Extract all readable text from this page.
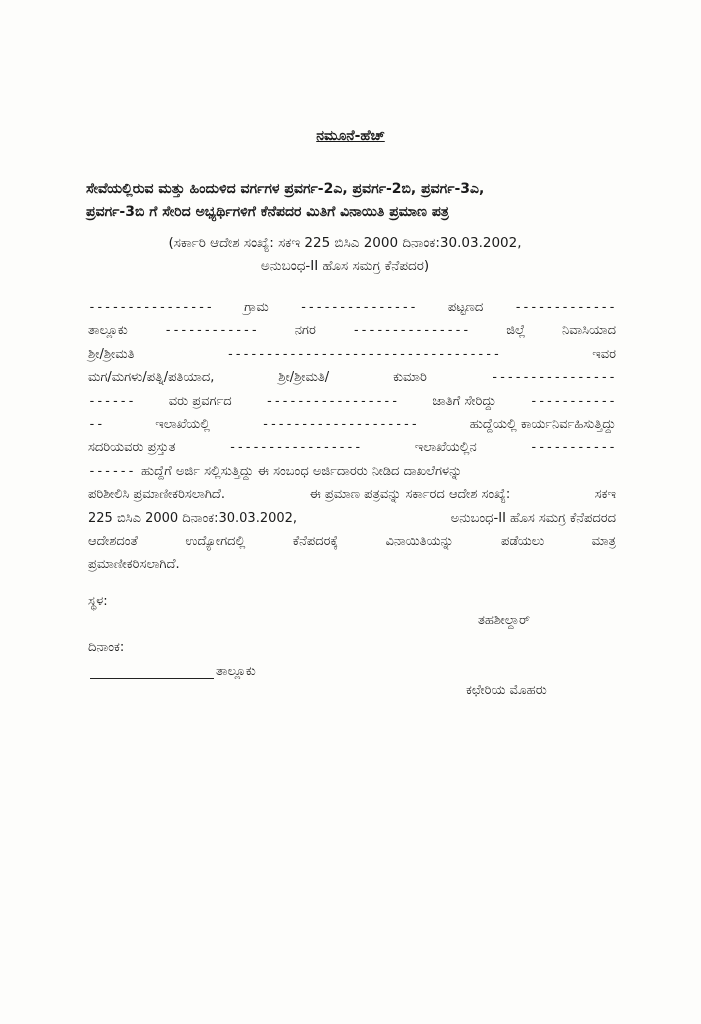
ನಮೂನೆ-ಹೆಚ್
ಸೇವೆಯಲ್ಲಿರುವ ಮತ್ತು ಹಿಂದುಳಿದ ವರ್ಗಗಳ ಪ್ರವರ್ಗ-2ಎ, ಪ್ರವರ್ಗ-2ಬಿ, ಪ್ರವರ್ಗ-3ಎ,
ಪ್ರವರ್ಗ-3ಬಿ ಗೆ ಸೇರಿದ ಅಭ್ಯರ್ಥಿಗಳಿಗೆ ಕೆನೆಪದರ ಮಿತಿಗೆ ವಿನಾಯಿತಿ ಪ್ರಮಾಣ ಪತ್ರ
(ಸರ್ಕಾರಿ ಆದೇಶ ಸಂಖ್ಯೆ: ಸಕಇ 225 ಬಿಸಿಎ 2000 ದಿನಾಂಕ:30.03.2002,
ಅನುಬಂಧ-II ಹೊಸ ಸಮಗ್ರ ಕೆನೆಪದರ)
---------------- ಗ್ರಾಮ --------------- ಪಟ್ಟಣದ -------------
ತಾಲ್ಲೂಕು	------------	ನಗರ	---------------	ಜಿಲ್ಲೆ	ನಿವಾಸಿಯಾದ
ಶ್ರೀ/ಶ್ರೀಮತಿ	-----------------------------------	ಇವರ
ಮಗ/ಮಗಳು/ಪತ್ನಿ/ಪತಿಯಾದ,	ಶ್ರೀ/ಶ್ರೀಮತಿ/	ಕುಮಾರಿ	----------------
------	ವರು ಪ್ರವರ್ಗದ	-----------------	ಜಾತಿಗೆ ಸೇರಿದ್ದು	-----------
--	ಇಲಾಖೆಯಲ್ಲಿ	--------------------	ಹುದ್ದೆಯಲ್ಲಿ ಕಾರ್ಯನಿರ್ವಹಿಸುತ್ತಿದ್ದು
ಸದರಿಯವರು ಪ್ರಸ್ತುತ	-----------------	ಇಲಾಖೆಯಲ್ಲಿನ	-----------
------ ಹುದ್ದೆಗೆ ಅರ್ಜಿ ಸಲ್ಲಿಸುತ್ತಿದ್ದು ಈ ಸಂಬಂಧ ಅರ್ಜಿದಾರರು ನೀಡಿದ ದಾಖಲೆಗಳನ್ನು
ಪರಿಶೀಲಿಸಿ ಪ್ರಮಾಣೀಕರಿಸಲಾಗಿದೆ.	ಈ ಪ್ರಮಾಣ ಪತ್ರವನ್ನು ಸರ್ಕಾರದ ಆದೇಶ ಸಂಖ್ಯೆ:	ಸಕಇ
225 ಬಿಸಿಎ 2000 ದಿನಾಂಕ:30.03.2002,	ಅನುಬಂಧ-II ಹೊಸ ಸಮಗ್ರ ಕೆನೆಪದರದ
ಆದೇಶದಂತೆ	ಉದ್ಯೋಗದಲ್ಲಿ	ಕೆನೆಪದರಕ್ಕೆ	ವಿನಾಯಿತಿಯನ್ನು	ಪಡೆಯಲು	ಮಾತ್ರ
ಪ್ರಮಾಣೀಕರಿಸಲಾಗಿದೆ.
ಸ್ಥಳ:
ತಹಶೀಲ್ದಾರ್
ದಿನಾಂಕ:
ತಾಲ್ಲೂಕು
ಕಛೇರಿಯ ಮೊಹರು
